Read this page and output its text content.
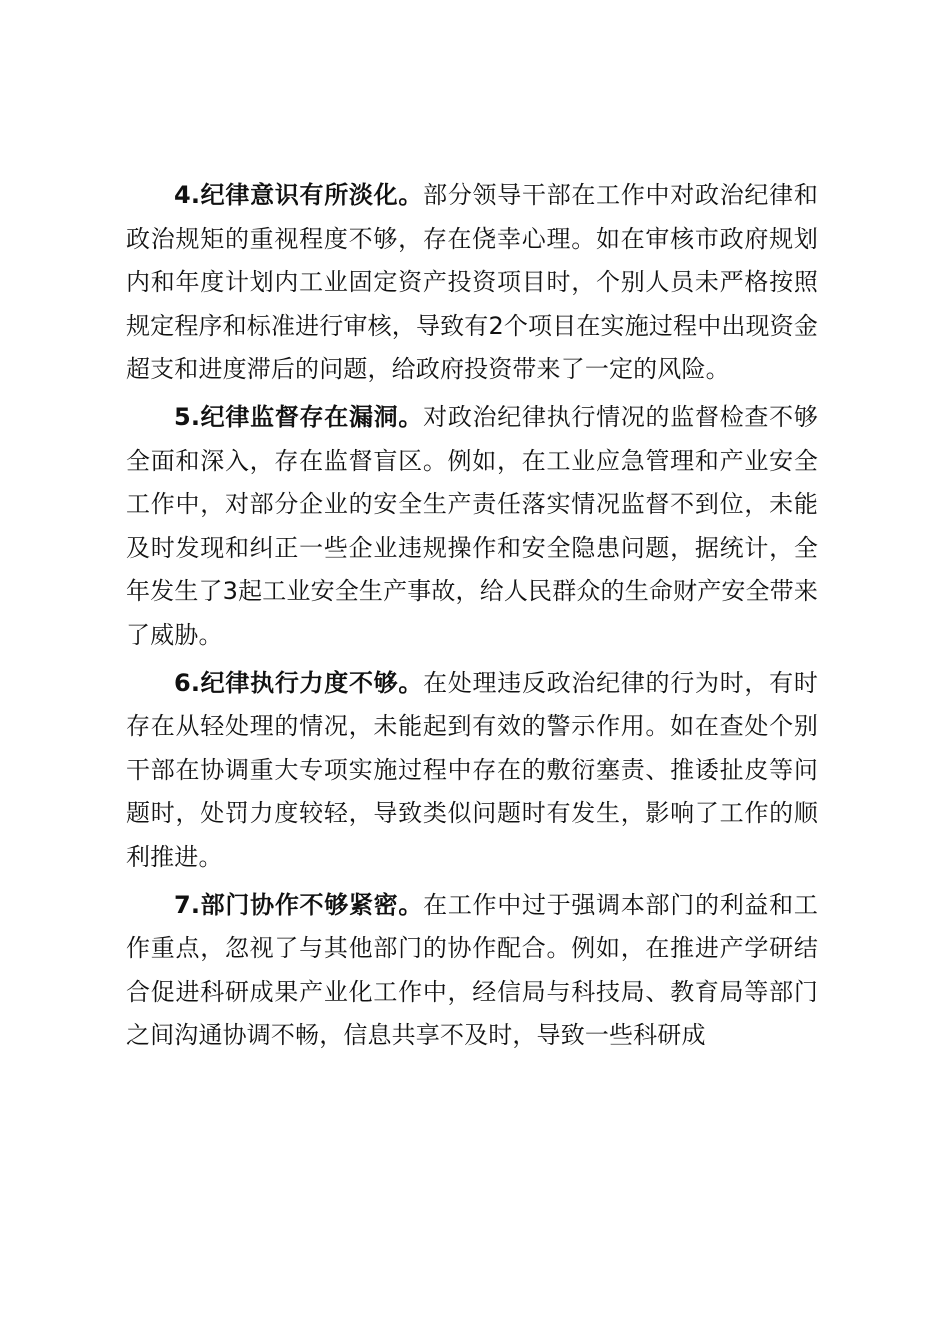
4.纪律意识有所淡化。部分领导干部在工作中对政治纪律和政治规矩的重视程度不够，存在侥幸心理。如在审核市政府规划内和年度计划内工业固定资产投资项目时，个别人员未严格按照规定程序和标准进行审核，导致有2个项目在实施过程中出现资金超支和进度滞后的问题，给政府投资带来了一定的风险。

5.纪律监督存在漏洞。对政治纪律执行情况的监督检查不够全面和深入，存在监督盲区。例如，在工业应急管理和产业安全工作中，对部分企业的安全生产责任落实情况监督不到位，未能及时发现和纠正一些企业违规操作和安全隐患问题，据统计，全年发生了3起工业安全生产事故，给人民群众的生命财产安全带来了威胁。

6.纪律执行力度不够。在处理违反政治纪律的行为时，有时存在从轻处理的情况，未能起到有效的警示作用。如在查处个别干部在协调重大专项实施过程中存在的敷衍塞责、推诿扯皮等问题时，处罚力度较轻，导致类似问题时有发生，影响了工作的顺利推进。

7.部门协作不够紧密。在工作中过于强调本部门的利益和工作重点，忽视了与其他部门的协作配合。例如，在推进产学研结合促进科研成果产业化工作中，经信局与科技局、教育局等部门之间沟通协调不畅，信息共享不及时，导致一些科研成
